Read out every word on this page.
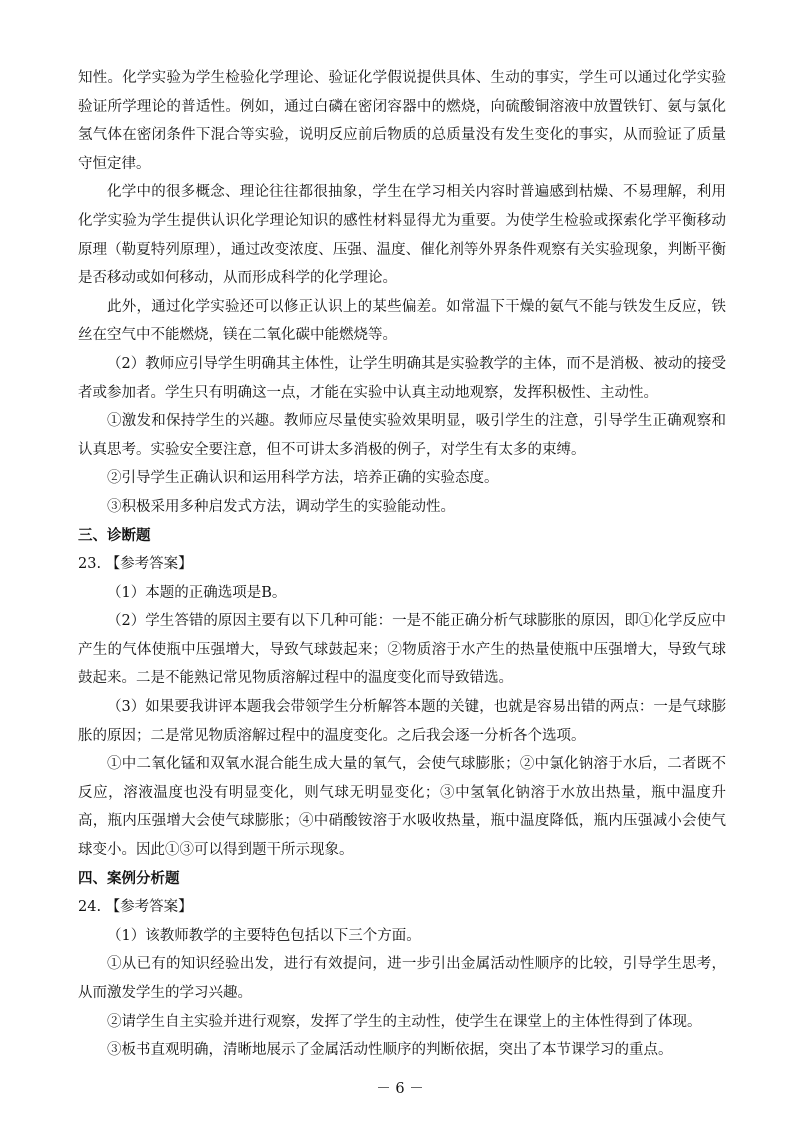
知性。化学实验为学生检验化学理论、验证化学假说提供具体、生动的事实，学生可以通过化学实验验证所学理论的普适性。例如，通过白磷在密闭容器中的燃烧，向硫酸铜溶液中放置铁钉、氨与氯化氢气体在密闭条件下混合等实验，说明反应前后物质的总质量没有发生变化的事实，从而验证了质量守恒定律。

化学中的很多概念、理论往往都很抽象，学生在学习相关内容时普遍感到枯燥、不易理解，利用化学实验为学生提供认识化学理论知识的感性材料显得尤为重要。为使学生检验或探索化学平衡移动原理（勒夏特列原理），通过改变浓度、压强、温度、催化剂等外界条件观察有关实验现象，判断平衡是否移动或如何移动，从而形成科学的化学理论。

此外，通过化学实验还可以修正认识上的某些偏差。如常温下干燥的氨气不能与铁发生反应，铁丝在空气中不能燃烧，镁在二氧化碳中能燃烧等。

（2）教师应引导学生明确其主体性，让学生明确其是实验教学的主体，而不是消极、被动的接受者或参加者。学生只有明确这一点，才能在实验中认真主动地观察，发挥积极性、主动性。

①激发和保持学生的兴趣。教师应尽量使实验效果明显，吸引学生的注意，引导学生正确观察和认真思考。实验安全要注意，但不可讲太多消极的例子，对学生有太多的束缚。

②引导学生正确认识和运用科学方法，培养正确的实验态度。

③积极采用多种启发式方法，调动学生的实验能动性。

三、诊断题

23. 【参考答案】

（1）本题的正确选项是B。

（2）学生答错的原因主要有以下几种可能：一是不能正确分析气球膨胀的原因，即①化学反应中产生的气体使瓶中压强增大，导致气球鼓起来；②物质溶于水产生的热量使瓶中压强增大，导致气球鼓起来。二是不能熟记常见物质溶解过程中的温度变化而导致错选。

（3）如果要我讲评本题我会带领学生分析解答本题的关键，也就是容易出错的两点：一是气球膨胀的原因；二是常见物质溶解过程中的温度变化。之后我会逐一分析各个选项。

①中二氧化锰和双氧水混合能生成大量的氧气，会使气球膨胀；②中氯化钠溶于水后，二者既不反应，溶液温度也没有明显变化，则气球无明显变化；③中氢氧化钠溶于水放出热量，瓶中温度升高，瓶内压强增大会使气球膨胀；④中硝酸铵溶于水吸收热量，瓶中温度降低，瓶内压强减小会使气球变小。因此①③可以得到题干所示现象。

四、案例分析题

24. 【参考答案】

（1）该教师教学的主要特色包括以下三个方面。

①从已有的知识经验出发，进行有效提问，进一步引出金属活动性顺序的比较，引导学生思考，从而激发学生的学习兴趣。

②请学生自主实验并进行观察，发挥了学生的主动性，使学生在课堂上的主体性得到了体现。

③板书直观明确，清晰地展示了金属活动性顺序的判断依据，突出了本节课学习的重点。

－ 6 －
